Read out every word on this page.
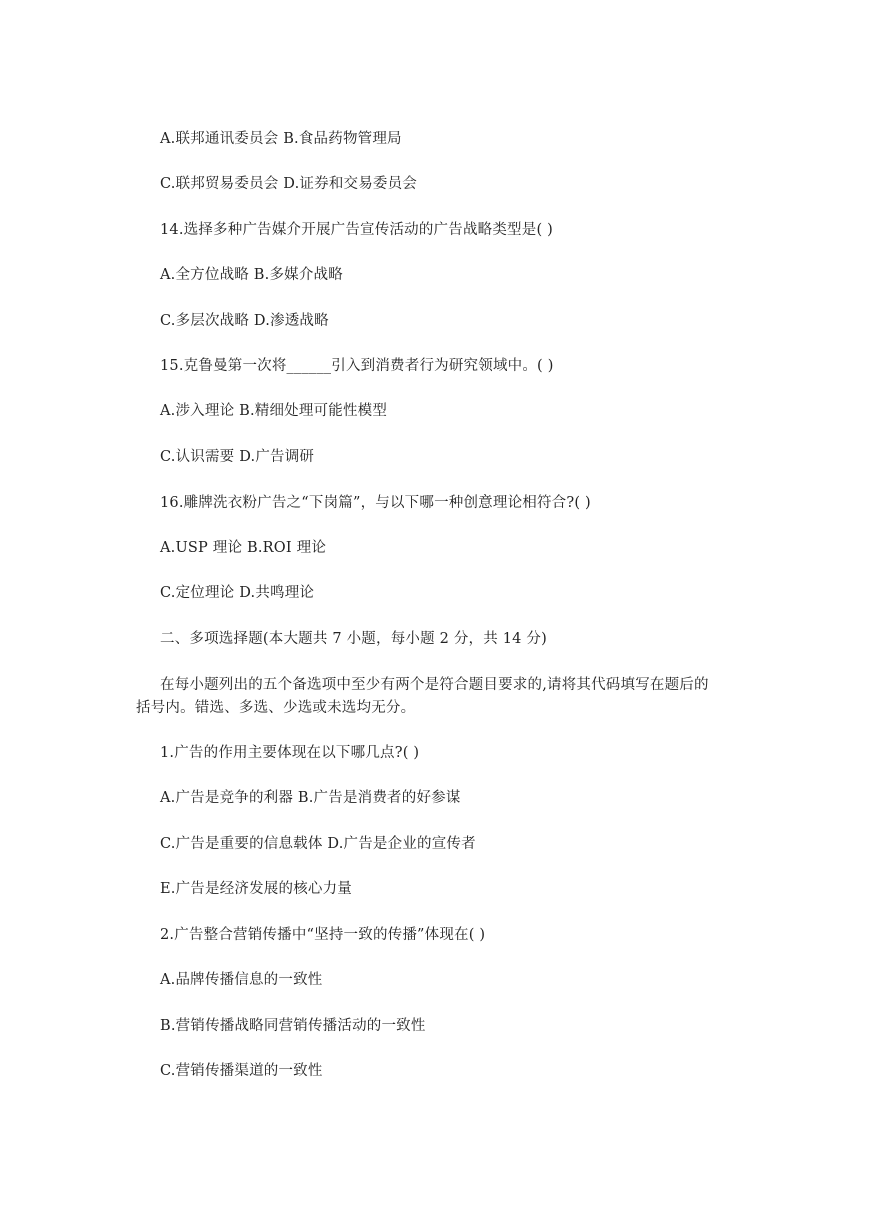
A.联邦通讯委员会 B.食品药物管理局
C.联邦贸易委员会 D.证券和交易委员会
14.选择多种广告媒介开展广告宣传活动的广告战略类型是( )
A.全方位战略 B.多媒介战略
C.多层次战略 D.渗透战略
15.克鲁曼第一次将______引入到消费者行为研究领域中。( )
A.涉入理论 B.精细处理可能性模型
C.认识需要 D.广告调研
16.雕牌洗衣粉广告之“下岗篇”，与以下哪一种创意理论相符合?( )
A.USP 理论 B.ROI 理论
C.定位理论 D.共鸣理论
二、多项选择题(本大题共 7 小题，每小题 2 分，共 14 分)
在每小题列出的五个备选项中至少有两个是符合题目要求的,请将其代码填写在题后的
括号内。错选、多选、少选或未选均无分。
1.广告的作用主要体现在以下哪几点?( )
A.广告是竞争的利器 B.广告是消费者的好参谋
C.广告是重要的信息载体 D.广告是企业的宣传者
E.广告是经济发展的核心力量
2.广告整合营销传播中“坚持一致的传播”体现在( )
A.品牌传播信息的一致性
B.营销传播战略同营销传播活动的一致性
C.营销传播渠道的一致性
